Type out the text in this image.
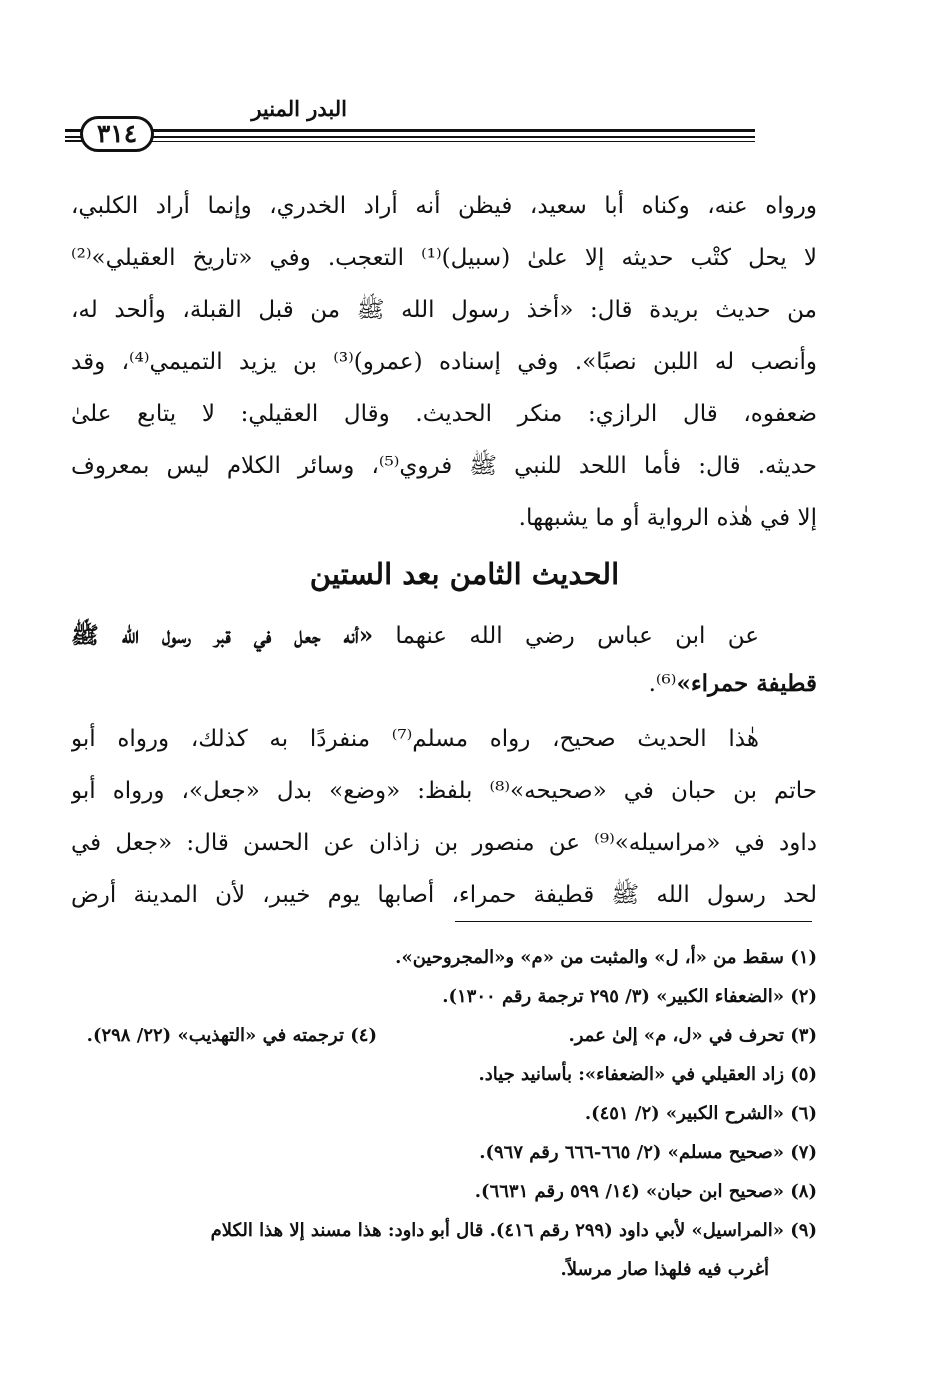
البدر المنير
٣١٤
ورواه عنه، وكناه أبا سعيد، فيظن أنه أراد الخدري، وإنما أراد الكلبي،
لا يحل كتْب حديثه إلا علىٰ (سبيل)⁽¹⁾ التعجب. وفي «تاريخ العقيلي»⁽²⁾
من حديث بريدة قال: «أخذ رسول الله ﷺ من قبل القبلة، وألحد له،
وأنصب له اللبن نصبًا». وفي إسناده (عمرو)⁽³⁾ بن يزيد التميمي⁽⁴⁾، وقد
ضعفوه، قال الرازي: منكر الحديث. وقال العقيلي: لا يتابع علىٰ
حديثه. قال: فأما اللحد للنبي ﷺ فروي⁽⁵⁾، وسائر الكلام ليس بمعروف
إلا في هٰذه الرواية أو ما يشبهها.
الحديث الثامن بعد الستين
عن ابن عباس رضي الله عنهما «أنه جعل في قبر رسول الله ﷺ
قطيفة حمراء»⁽⁶⁾.
هٰذا الحديث صحيح، رواه مسلم⁽⁷⁾ منفردًا به كذلك، ورواه أبو
حاتم بن حبان في «صحيحه»⁽⁸⁾ بلفظ: «وضع» بدل «جعل»، ورواه أبو
داود في «مراسيله»⁽⁹⁾ عن منصور بن زاذان عن الحسن قال: «جعل في
لحد رسول الله ﷺ قطيفة حمراء، أصابها يوم خيبر، لأن المدينة أرض
(١) سقط من «أ، ل» والمثبت من «م» و«المجروحين».
(٢) «الضعفاء الكبير» (٣/ ٢٩٥ ترجمة رقم ١٣٠٠).
(٣) تحرف في «ل، م» إلىٰ عمر.
(٤) ترجمته في «التهذيب» (٢٢/ ٢٩٨).
(٥) زاد العقيلي في «الضعفاء»: بأسانيد جياد.
(٦) «الشرح الكبير» (٢/ ٤٥١).
(٧) «صحيح مسلم» (٢/ ٦٦٥-٦٦٦ رقم ٩٦٧).
(٨) «صحيح ابن حبان» (١٤/ ٥٩٩ رقم ٦٦٣١).
(٩) «المراسيل» لأبي داود (٢٩٩ رقم ٤١٦). قال أبو داود: هذا مسند إلا هذا الكلام
أغرب فيه فلهذا صار مرسلاً.
